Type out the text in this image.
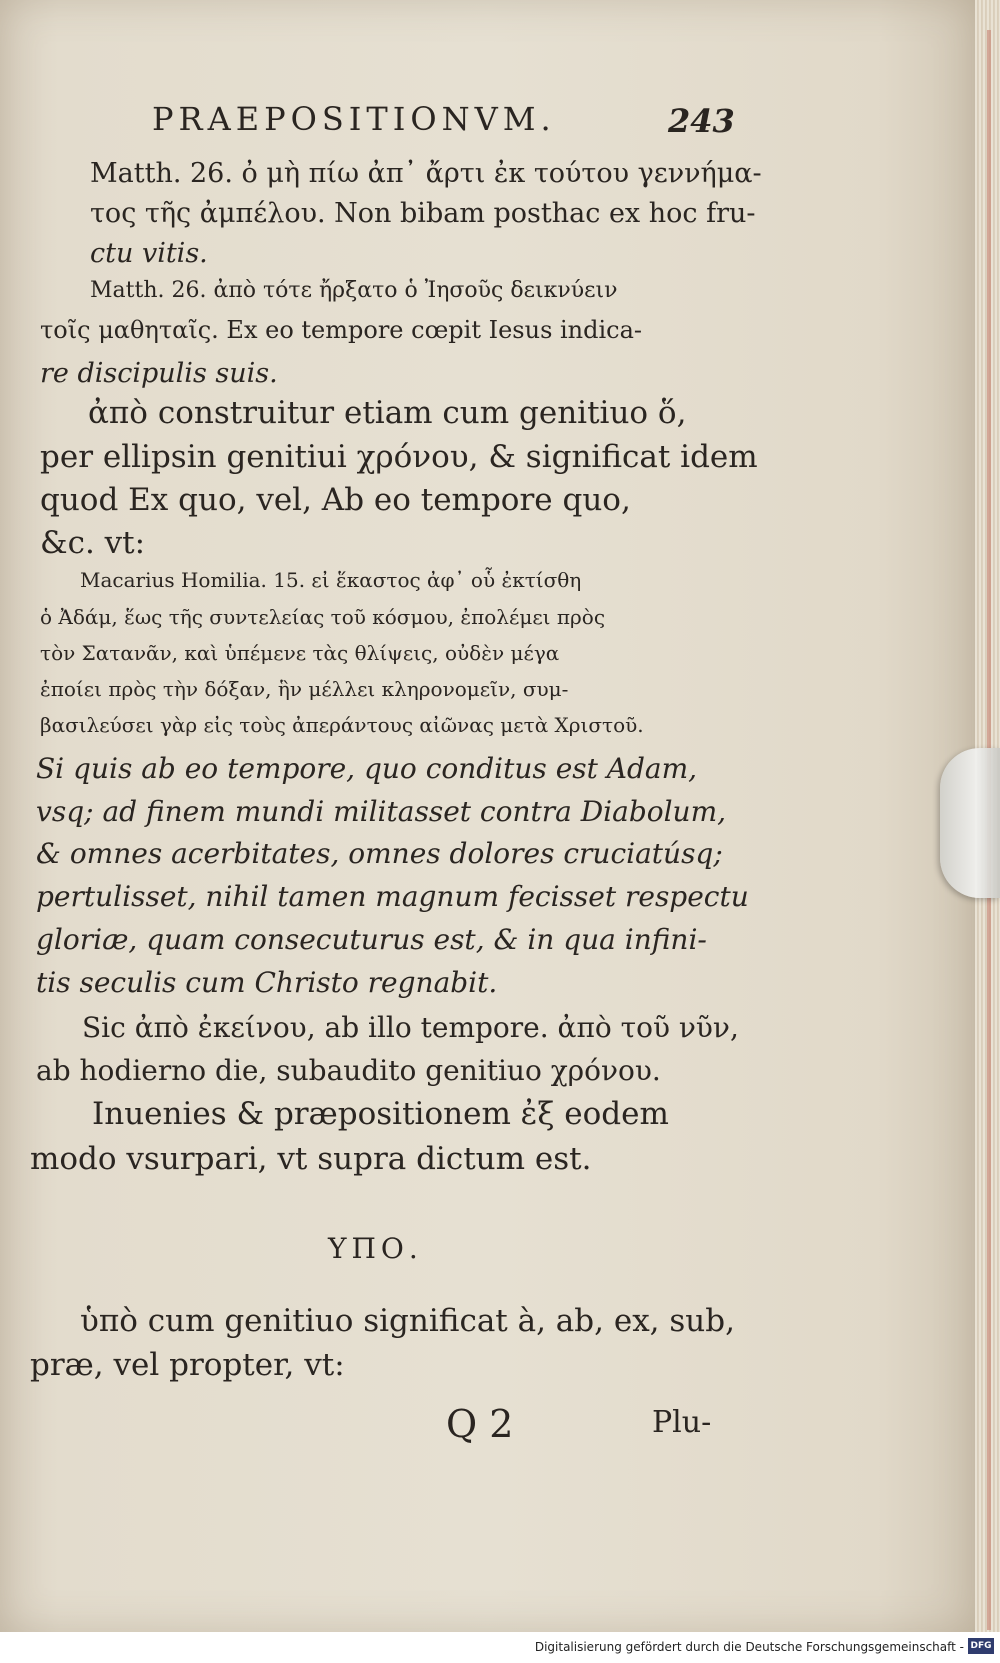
PRAEPOSITIONVM.	243
Matth. 26. ὀ μὴ πίω ἀπ᾽ ἄρτι ἐκ τούτου γεννήμα-
τος τῆς ἀμπέλου. Non bibam posthac ex hoc fru-
ctu vitis.
Matth. 26. ἀπὸ τότε ἤρξατο ὁ Ἰησοῦς δεικνύειν
τοῖς μαθηταῖς. Ex eo tempore cœpit Iesus indica-
re discipulis suis.
ἀπὸ construitur etiam cum genitiuo ὅ,
per ellipsin genitiui χρόνου, & significat idem
quod Ex quo, vel, Ab eo tempore quo,
&c. vt:
Macarius Homilia. 15. εἰ ἕκαστος ἀφ᾽ οὗ ἐκτίσθη
ὁ Ἀδάμ, ἕως τῆς συντελείας τοῦ κόσμου, ἐπολέμει πρὸς
τὸν Σατανᾶν, καὶ ὑπέμενε τὰς θλίψεις, οὐδὲν μέγα
ἐποίει πρὸς τὴν δόξαν, ἣν μέλλει κληρονομεῖν, συμ-
βασιλεύσει γὰρ εἰς τοὺς ἀπεράντους αἰῶνας μετὰ Χριστοῦ.
Si quis ab eo tempore, quo conditus est Adam,
vsq; ad finem mundi militasset contra Diabolum,
& omnes acerbitates, omnes dolores cruciatúsq;
pertulisset, nihil tamen magnum fecisset respectu
gloriæ, quam consecuturus est, & in qua infini-
tis seculis cum Christo regnabit.
Sic ἀπὸ ἐκείνου, ab illo tempore. ἀπὸ τοῦ νῦν,
ab hodierno die, subaudito genitiuo χρόνου.
Inuenies & præpositionem ἐξ eodem
modo vsurpari, vt supra dictum est.
ΥΠΟ.
ὑπὸ cum genitiuo significat à, ab, ex, sub,
præ, vel propter, vt:
Q 2	Plu-
Digitalisierung gefördert durch die Deutsche Forschungsgemeinschaft - DFG
